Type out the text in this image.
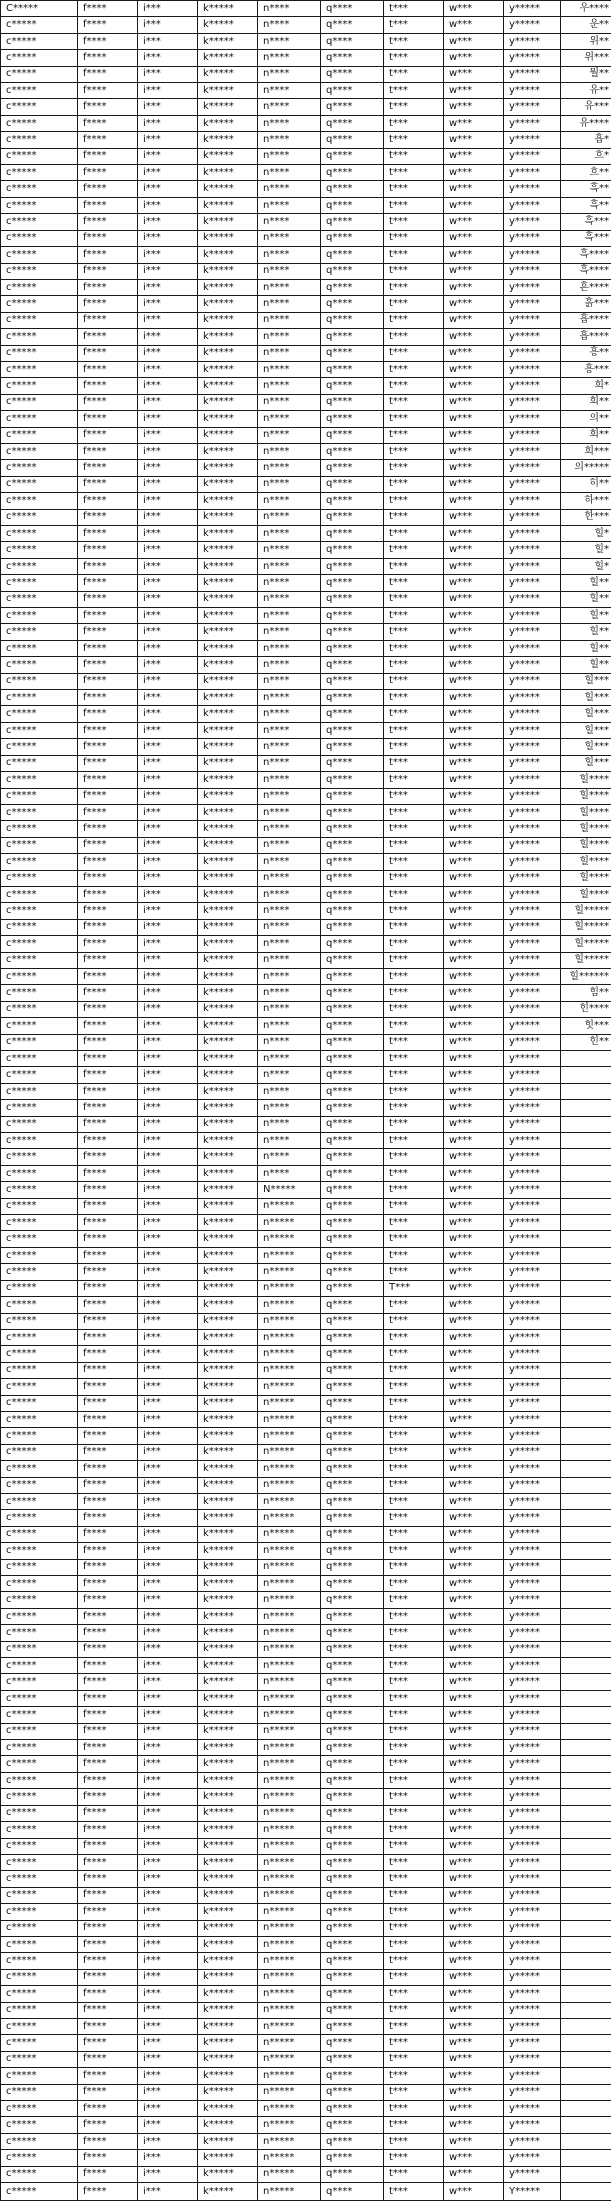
C*****	f****	i***	k*****	n****	q****	t***	w***	y*****	우****
c*****	f****	i***	k*****	n****	q****	t***	w***	y*****	운**
c*****	f****	i***	k*****	n****	q****	t***	w***	y*****	위**
c*****	f****	i***	k*****	n****	q****	t***	w***	y*****	위***
c*****	f****	i***	k*****	n****	q****	t***	w***	y*****	뭘**
c*****	f****	i***	k*****	n****	q****	t***	w***	y*****	유**
c*****	f****	i***	k*****	n****	q****	t***	w***	y*****	유***
c*****	f****	i***	k*****	n****	q****	t***	w***	y*****	유****
c*****	f****	i***	k*****	n****	q****	t***	w***	y*****	흡*
c*****	f****	i***	k*****	n****	q****	t***	w***	y*****	흐*
c*****	f****	i***	k*****	n****	q****	t***	w***	y*****	흐**
c*****	f****	i***	k*****	n****	q****	t***	w***	y*****	흑**
c*****	f****	i***	k*****	n****	q****	t***	w***	y*****	흑**
c*****	f****	i***	k*****	n****	q****	t***	w***	y*****	흑***
c*****	f****	i***	k*****	n****	q****	t***	w***	y*****	흑***
c*****	f****	i***	k*****	n****	q****	t***	w***	y*****	흑****
c*****	f****	i***	k*****	n****	q****	t***	w***	y*****	흑****
c*****	f****	i***	k*****	n****	q****	t***	w***	y*****	흔****
c*****	f****	i***	k*****	n****	q****	t***	w***	y*****	흙***
c*****	f****	i***	k*****	n****	q****	t***	w***	y*****	흡****
c*****	f****	i***	k*****	n****	q****	t***	w***	y*****	흡****
c*****	f****	i***	k*****	n****	q****	t***	w***	y*****	흥**
c*****	f****	i***	k*****	n****	q****	t***	w***	y*****	흥***
c*****	f****	i***	k*****	n****	q****	t***	w***	y*****	희*
c*****	f****	i***	k*****	n****	q****	t***	w***	y*****	희**
c*****	f****	i***	k*****	n****	q****	t***	w***	y*****	의**
c*****	f****	i***	k*****	n****	q****	t***	w***	y*****	희**
c*****	f****	i***	k*****	n****	q****	t***	w***	y*****	희***
c*****	f****	i***	k*****	n****	q****	t***	w***	y*****	의*****
c*****	f****	i***	k*****	n****	q****	t***	w***	y*****	히**
c*****	f****	i***	k*****	n****	q****	t***	w***	y*****	하***
c*****	f****	i***	k*****	n****	q****	t***	w***	y*****	한***
c*****	f****	i***	k*****	n****	q****	t***	w***	y*****	힐*
c*****	f****	i***	k*****	n****	q****	t***	w***	y*****	힐*
c*****	f****	i***	k*****	n****	q****	t***	w***	y*****	힐*
c*****	f****	i***	k*****	n****	q****	t***	w***	y*****	힐**
c*****	f****	i***	k*****	n****	q****	t***	w***	y*****	힐**
c*****	f****	i***	k*****	n****	q****	t***	w***	y*****	힐**
c*****	f****	i***	k*****	n****	q****	t***	w***	y*****	힐**
c*****	f****	i***	k*****	n****	q****	t***	w***	y*****	힐**
c*****	f****	i***	k*****	n****	q****	t***	w***	y*****	힐**
c*****	f****	i***	k*****	n****	q****	t***	w***	y*****	힐***
c*****	f****	i***	k*****	n****	q****	t***	w***	y*****	힐***
c*****	f****	i***	k*****	n****	q****	t***	w***	y*****	힐***
c*****	f****	i***	k*****	n****	q****	t***	w***	y*****	힐***
c*****	f****	i***	k*****	n****	q****	t***	w***	y*****	힐***
c*****	f****	i***	k*****	n****	q****	t***	w***	y*****	힐***
c*****	f****	i***	k*****	n****	q****	t***	w***	y*****	힐****
c*****	f****	i***	k*****	n****	q****	t***	w***	y*****	힐****
c*****	f****	i***	k*****	n****	q****	t***	w***	y*****	힐****
c*****	f****	i***	k*****	n****	q****	t***	w***	y*****	힐****
c*****	f****	i***	k*****	n****	q****	t***	w***	y*****	힐****
c*****	f****	i***	k*****	n****	q****	t***	w***	y*****	힐****
c*****	f****	i***	k*****	n****	q****	t***	w***	y*****	힐****
c*****	f****	i***	k*****	n****	q****	t***	w***	y*****	힐****
c*****	f****	i***	k*****	n****	q****	t***	w***	y*****	힐*****
c*****	f****	i***	k*****	n****	q****	t***	w***	y*****	힐*****
c*****	f****	i***	k*****	n****	q****	t***	w***	y*****	힐*****
c*****	f****	i***	k*****	n****	q****	t***	w***	y*****	힐*****
c*****	f****	i***	k*****	n****	q****	t***	w***	y*****	힐******
c*****	f****	i***	k*****	n****	q****	t***	w***	y*****	힘**
c*****	f****	i***	k*****	n****	q****	t***	w***	y*****	힌****
c*****	f****	i***	k*****	n****	q****	t***	w***	y*****	힛***
c*****	f****	i***	k*****	n****	q****	t***	w***	y*****	힌**
c*****	f****	i***	k*****	n****	q****	t***	w***	y*****	
c*****	f****	i***	k*****	n****	q****	t***	w***	y*****	
c*****	f****	i***	k*****	n****	q****	t***	w***	y*****	
c*****	f****	i***	k*****	n****	q****	t***	w***	y*****	
c*****	f****	i***	k*****	n****	q****	t***	w***	y*****	
c*****	f****	i***	k*****	n****	q****	t***	w***	y*****	
c*****	f****	i***	k*****	n****	q****	t***	w***	y*****	
c*****	f****	i***	k*****	n****	q****	t***	w***	y*****	
c*****	f****	i***	k*****	N*****	q****	t***	w***	y*****	
c*****	f****	i***	k*****	n*****	q****	t***	w***	y*****	
c*****	f****	i***	k*****	n*****	q****	t***	w***	y*****	
c*****	f****	i***	k*****	n*****	q****	t***	w***	y*****	
c*****	f****	i***	k*****	n*****	q****	t***	w***	y*****	
c*****	f****	i***	k*****	n*****	q****	t***	w***	y*****	
c*****	f****	i***	k*****	n*****	q****	T***	w***	y*****	
c*****	f****	i***	k*****	n*****	q****	t***	w***	y*****	
c*****	f****	i***	k*****	n*****	q****	t***	w***	y*****	
c*****	f****	i***	k*****	n*****	q****	t***	w***	y*****	
c*****	f****	i***	k*****	n*****	q****	t***	w***	y*****	
c*****	f****	i***	k*****	n*****	q****	t***	w***	y*****	
c*****	f****	i***	k*****	n*****	q****	t***	w***	y*****	
c*****	f****	i***	k*****	n*****	q****	t***	w***	y*****	
c*****	f****	i***	k*****	n*****	q****	t***	w***	y*****	
c*****	f****	i***	k*****	n*****	q****	t***	w***	y*****	
c*****	f****	i***	k*****	n*****	q****	t***	w***	y*****	
c*****	f****	i***	k*****	n*****	q****	t***	w***	y*****	
c*****	f****	i***	k*****	n*****	q****	t***	w***	y*****	
c*****	f****	i***	k*****	n*****	q****	t***	w***	y*****	
c*****	f****	i***	k*****	n*****	q****	t***	w***	y*****	
c*****	f****	i***	k*****	n*****	q****	t***	w***	y*****	
c*****	f****	i***	k*****	n*****	q****	t***	w***	y*****	
c*****	f****	i***	k*****	n*****	q****	t***	w***	y*****	
c*****	f****	i***	k*****	n*****	q****	t***	w***	y*****	
c*****	f****	i***	k*****	n*****	q****	t***	w***	y*****	
c*****	f****	i***	k*****	n*****	q****	t***	w***	y*****	
c*****	f****	i***	k*****	n*****	q****	t***	w***	y*****	
c*****	f****	i***	k*****	n*****	q****	t***	w***	y*****	
c*****	f****	i***	k*****	n*****	q****	t***	w***	y*****	
c*****	f****	i***	k*****	n*****	q****	t***	w***	y*****	
c*****	f****	i***	k*****	n*****	q****	t***	w***	y*****	
c*****	f****	i***	k*****	n*****	q****	t***	w***	y*****	
c*****	f****	i***	k*****	n*****	q****	t***	w***	y*****	
c*****	f****	i***	k*****	n*****	q****	t***	w***	y*****	
c*****	f****	i***	k*****	n*****	q****	t***	w***	y*****	
c*****	f****	i***	k*****	n*****	q****	t***	w***	y*****	
c*****	f****	i***	k*****	n*****	q****	t***	w***	y*****	
c*****	f****	i***	k*****	n*****	q****	t***	w***	y*****	
c*****	f****	i***	k*****	n*****	q****	t***	w***	y*****	
c*****	f****	i***	k*****	n*****	q****	t***	w***	y*****	
c*****	f****	i***	k*****	n*****	q****	t***	w***	y*****	
c*****	f****	i***	k*****	n*****	q****	t***	w***	y*****	
c*****	f****	i***	k*****	n*****	q****	t***	w***	y*****	
c*****	f****	i***	k*****	n*****	q****	t***	w***	y*****	
c*****	f****	i***	k*****	n*****	q****	t***	w***	y*****	
c*****	f****	i***	k*****	n*****	q****	t***	w***	y*****	
c*****	f****	i***	k*****	n*****	q****	t***	w***	y*****	
c*****	f****	i***	k*****	n*****	q****	t***	w***	y*****	
c*****	f****	i***	k*****	n*****	q****	t***	w***	y*****	
c*****	f****	i***	k*****	n*****	q****	t***	w***	y*****	
c*****	f****	i***	k*****	n*****	q****	t***	w***	y*****	
c*****	f****	i***	k*****	n*****	q****	t***	w***	y*****	
c*****	f****	i***	k*****	n*****	q****	t***	w***	y*****	
c*****	f****	i***	k*****	n*****	q****	t***	w***	y*****	
c*****	f****	i***	k*****	n*****	q****	t***	w***	y*****	
c*****	f****	i***	k*****	n*****	q****	t***	w***	y*****	
c*****	f****	i***	k*****	n*****	q****	t***	w***	y*****	
c*****	f****	i***	k*****	n*****	q****	t***	w***	y*****	
c*****	f****	i***	k*****	n*****	q****	t***	w***	y*****	
c*****	f****	i***	k*****	n*****	q****	t***	w***	y*****	
c*****	f****	i***	k*****	n*****	q****	t***	w***	Y*****	
